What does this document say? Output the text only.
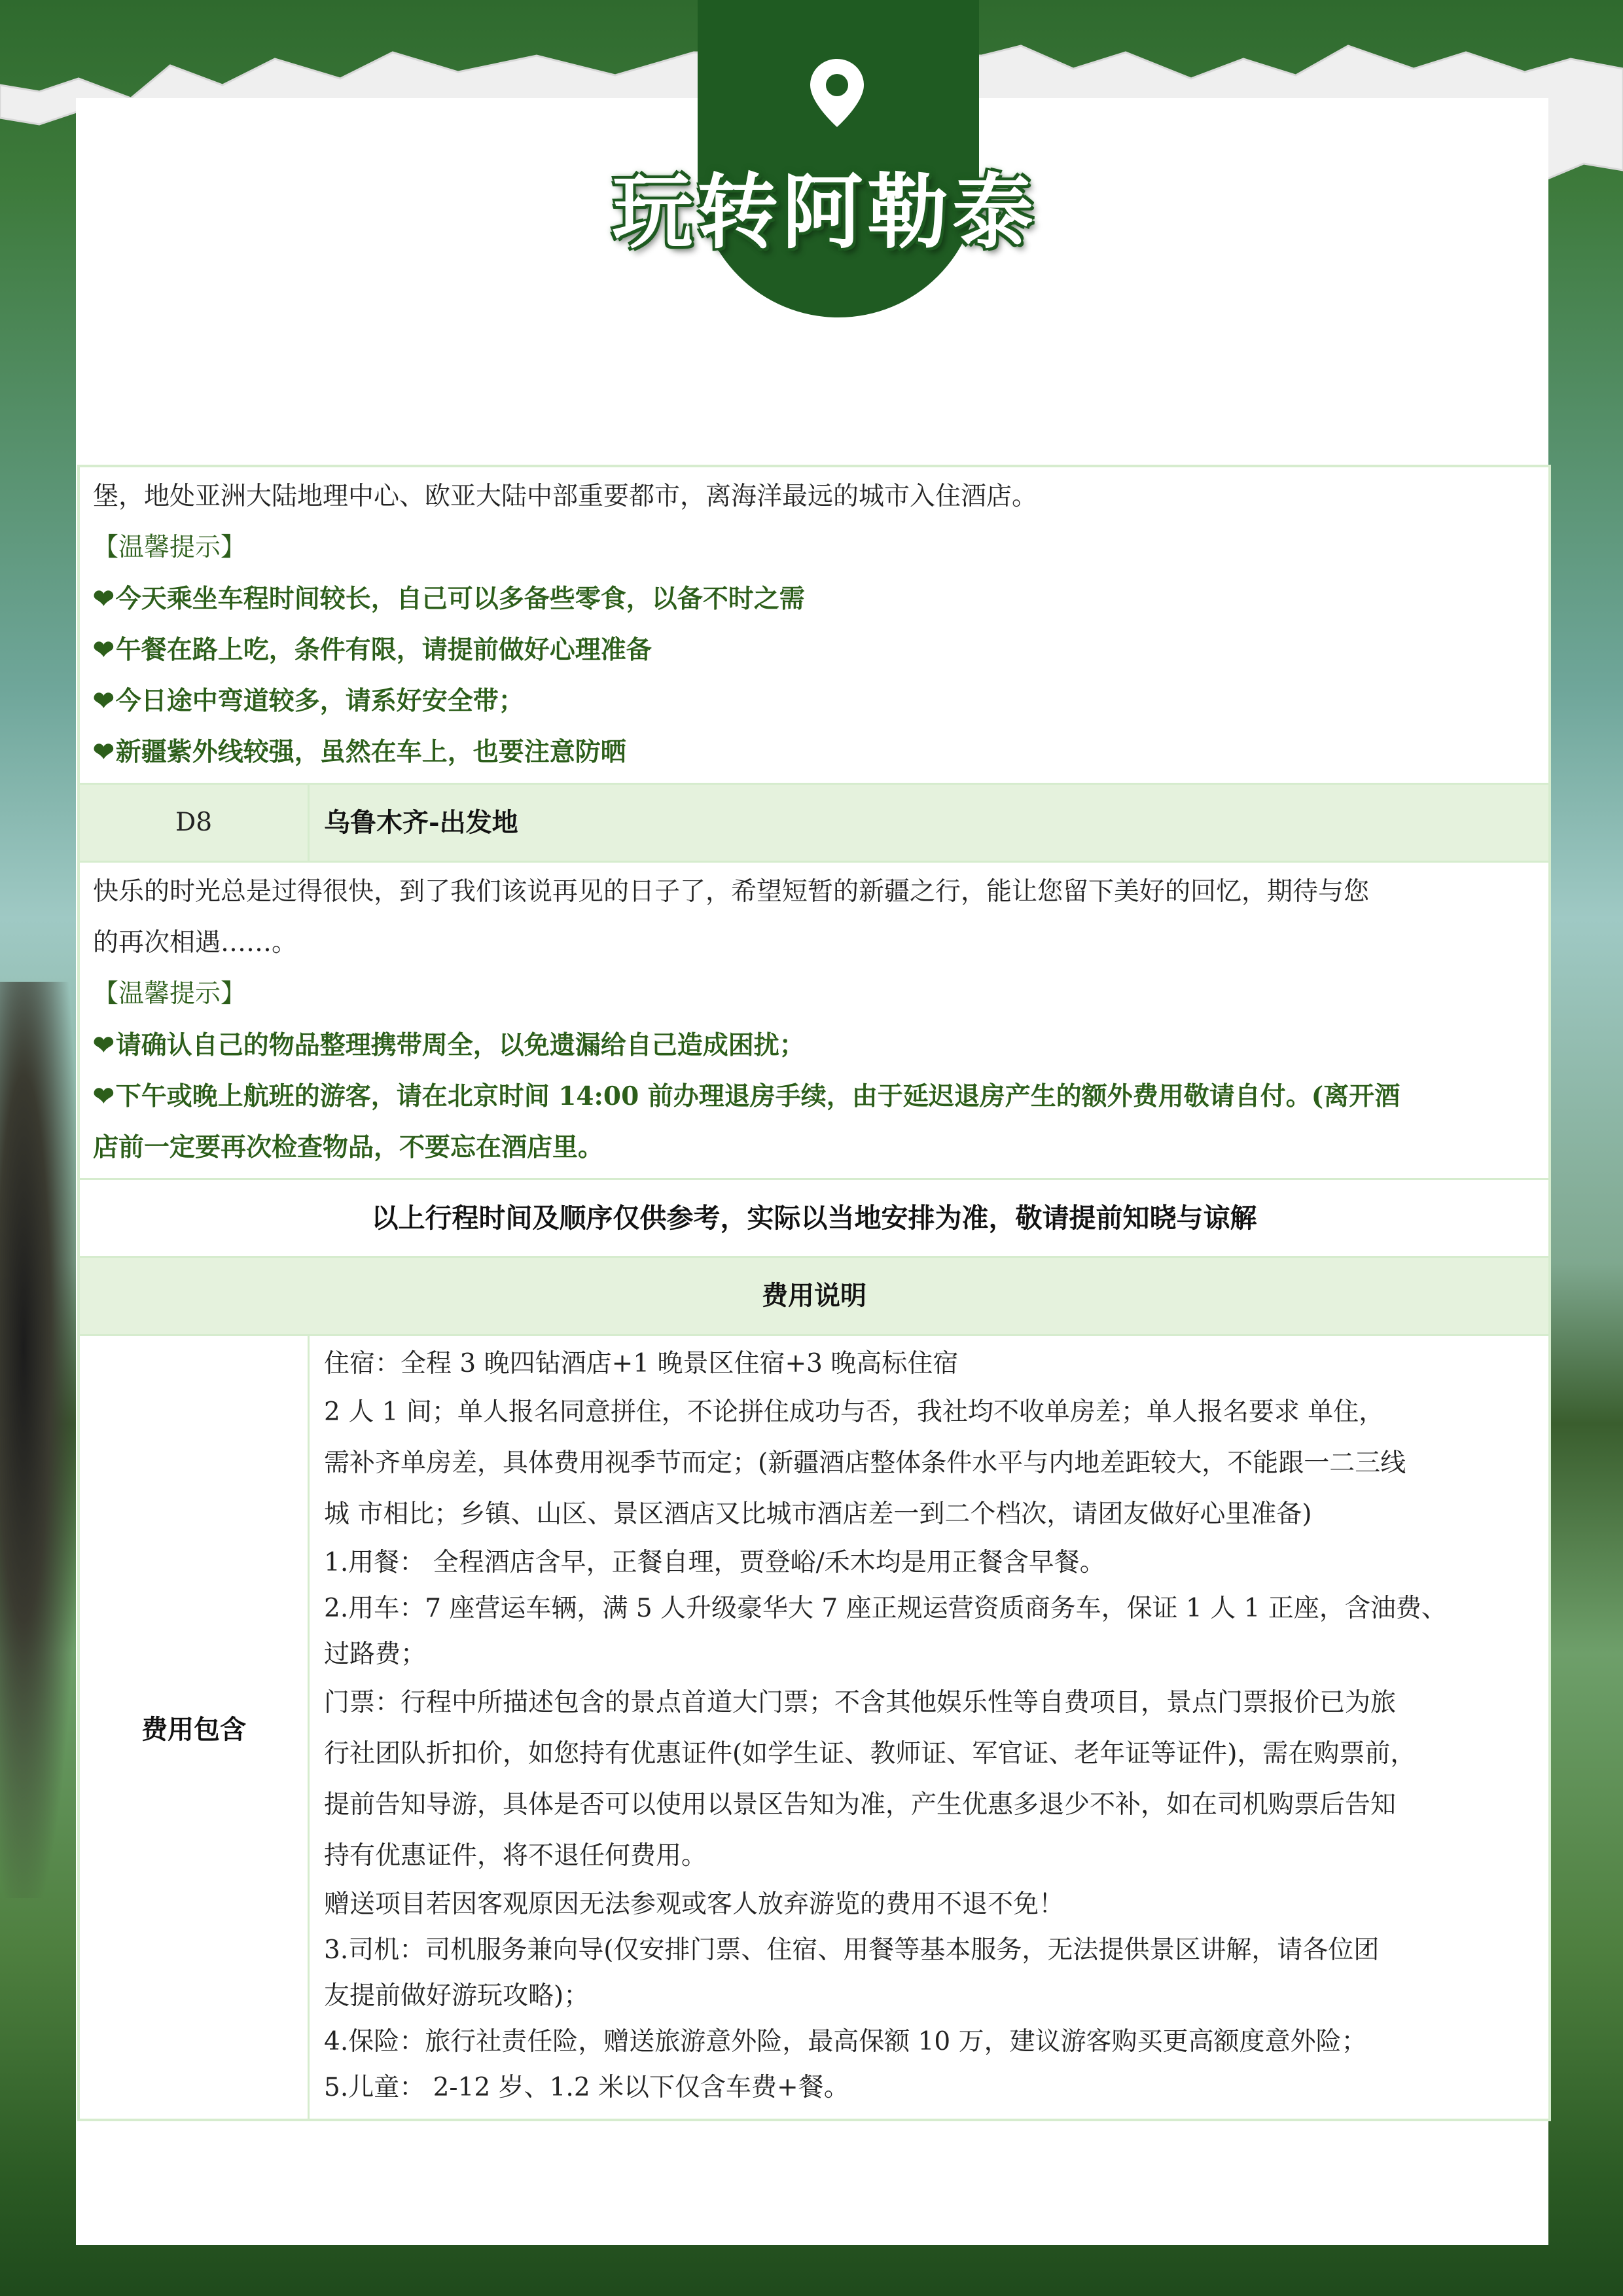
玩转阿勒泰
堡，地处亚洲大陆地理中心、欧亚大陆中部重要都市，离海洋最远的城市入住酒店。
【温馨提示】
❤今天乘坐车程时间较长，自己可以多备些零食，以备不时之需
❤午餐在路上吃，条件有限，请提前做好心理准备
❤今日途中弯道较多，请系好安全带；
❤新疆紫外线较强，虽然在车上，也要注意防晒
D8	乌鲁木齐-出发地
快乐的时光总是过得很快，到了我们该说再见的日子了，希望短暂的新疆之行，能让您留下美好的回忆，期待与您
的再次相遇……。
【温馨提示】
❤请确认自己的物品整理携带周全，以免遗漏给自己造成困扰；
❤下午或晚上航班的游客，请在北京时间 14:00 前办理退房手续，由于延迟退房产生的额外费用敬请自付。(离开酒
店前一定要再次检查物品，不要忘在酒店里。
以上行程时间及顺序仅供参考，实际以当地安排为准，敬请提前知晓与谅解
费用说明
费用包含
住宿：全程 3 晚四钻酒店+1 晚景区住宿+3 晚高标住宿
2 人 1 间；单人报名同意拼住，不论拼住成功与否，我社均不收单房差；单人报名要求 单住，
需补齐单房差，具体费用视季节而定；(新疆酒店整体条件水平与内地差距较大，不能跟一二三线
城 市相比；乡镇、山区、景区酒店又比城市酒店差一到二个档次，请团友做好心里准备)
1.用餐： 全程酒店含早，正餐自理，贾登峪/禾木均是用正餐含早餐。
2.用车：7 座营运车辆，满 5 人升级豪华大 7 座正规运营资质商务车，保证 1 人 1 正座，含油费、
过路费；
门票：行程中所描述包含的景点首道大门票；不含其他娱乐性等自费项目，景点门票报价已为旅
行社团队折扣价，如您持有优惠证件(如学生证、教师证、军官证、老年证等证件)，需在购票前，
提前告知导游，具体是否可以使用以景区告知为准，产生优惠多退少不补，如在司机购票后告知
持有优惠证件，将不退任何费用。
赠送项目若因客观原因无法参观或客人放弃游览的费用不退不免！
3.司机：司机服务兼向导(仅安排门票、住宿、用餐等基本服务，无法提供景区讲解，请各位团
友提前做好游玩攻略)；
4.保险：旅行社责任险，赠送旅游意外险，最高保额 10 万，建议游客购买更高额度意外险；
5.儿童： 2-12 岁、1.2 米以下仅含车费+餐。
